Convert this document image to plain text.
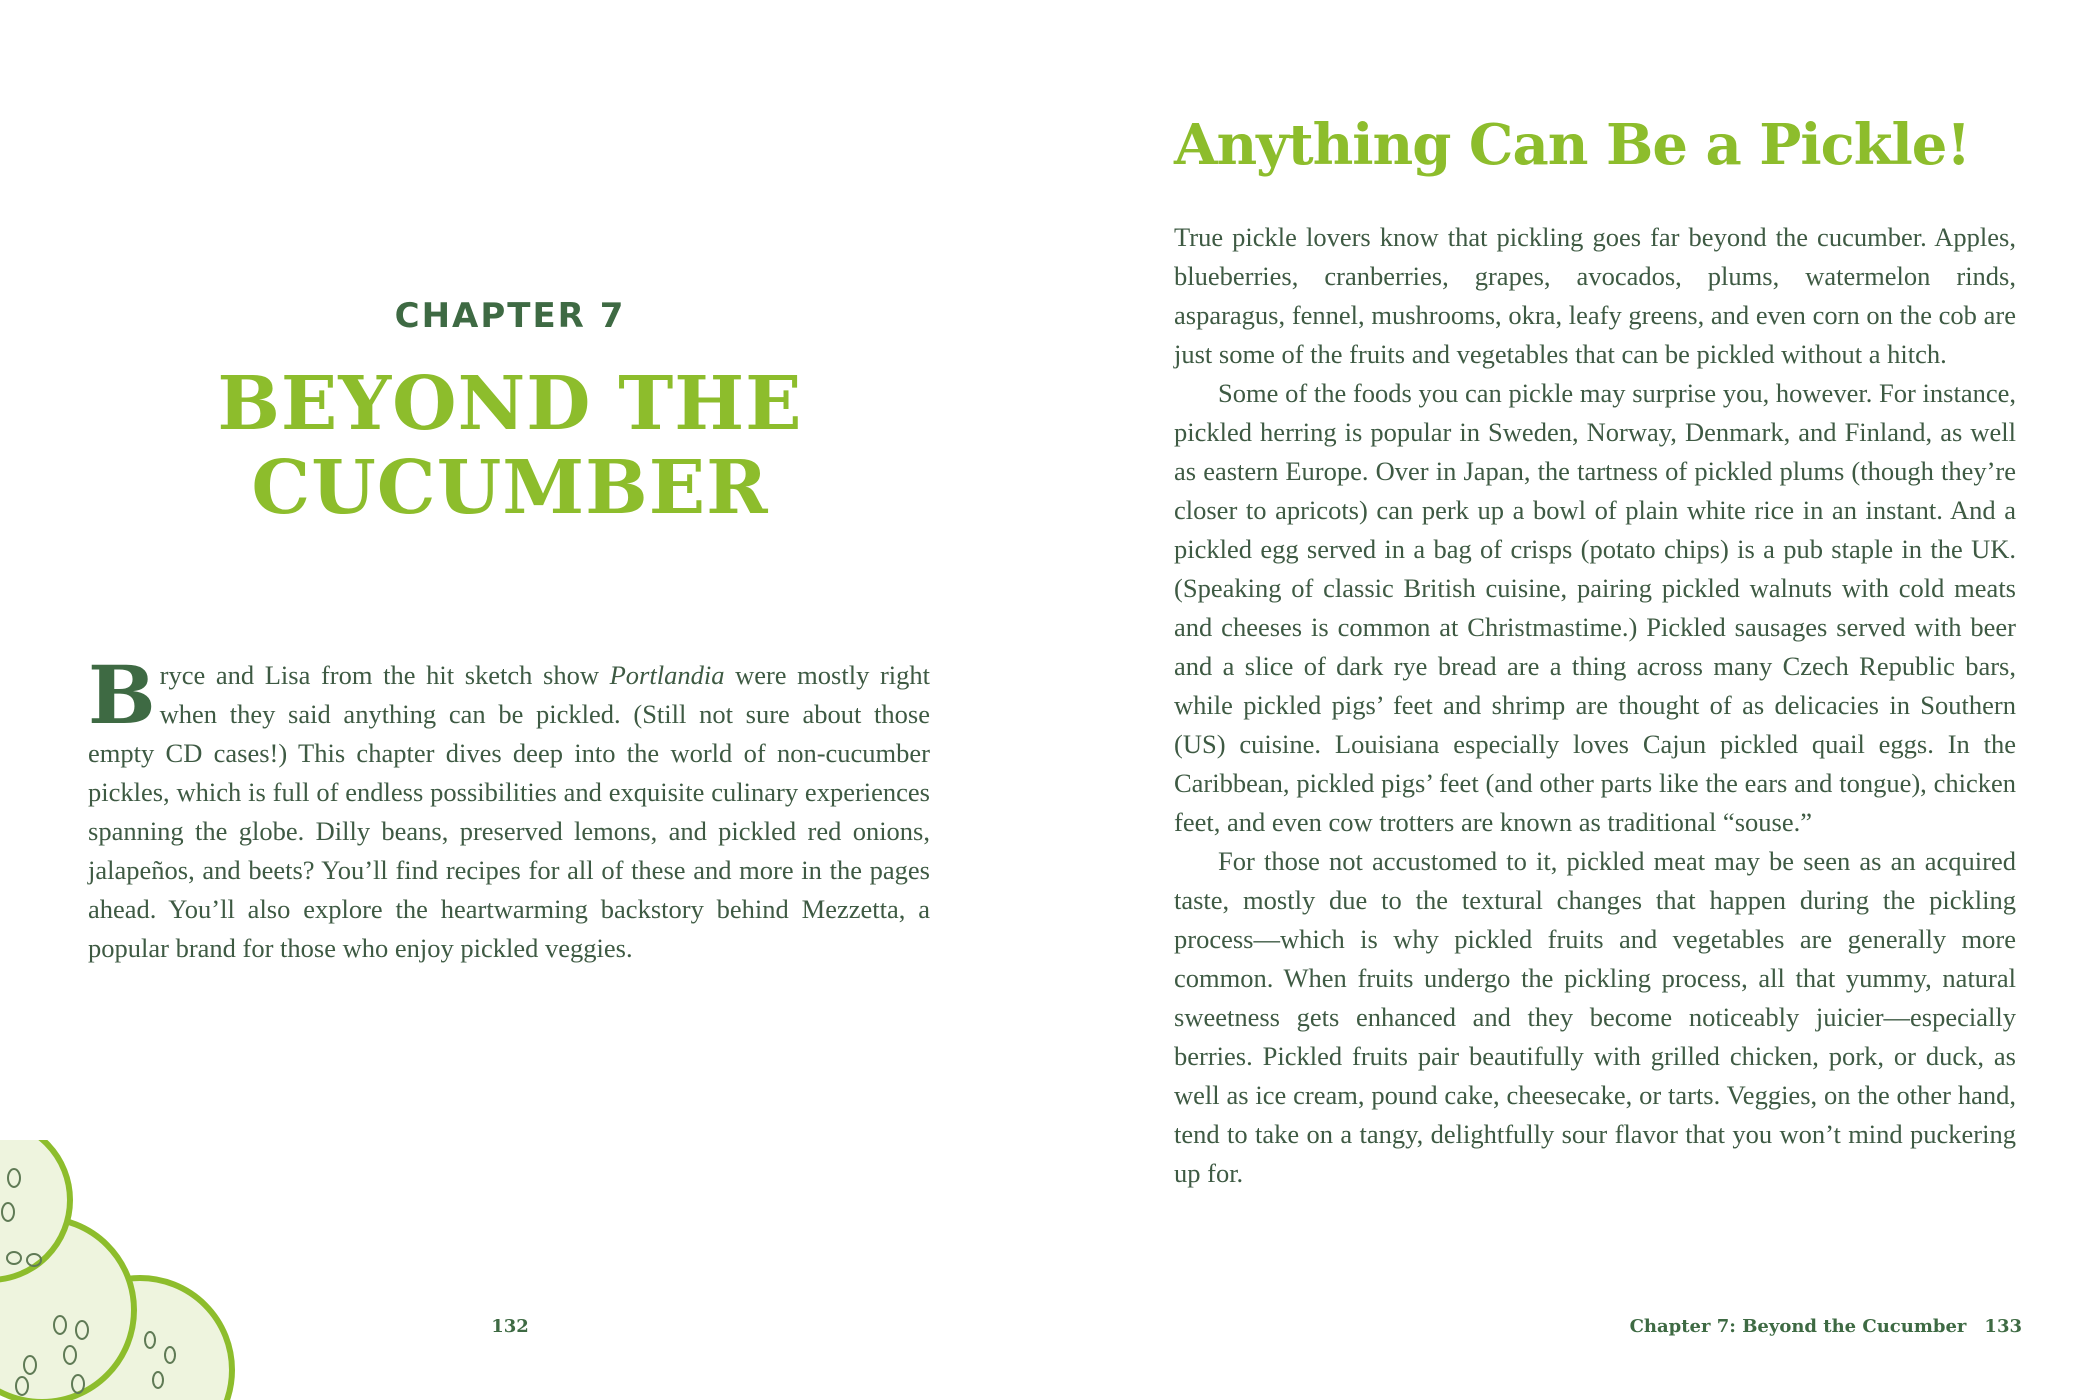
CHAPTER 7
BEYOND THE
CUCUMBER
Bryce and Lisa from the hit sketch show Portlandia were mostly right when they said anything can be pickled. (Still not sure about those empty CD cases!) This chapter dives deep into the world of non-cucumber pickles, which is full of endless possibilities and exquisite culinary experiences spanning the globe. Dilly beans, preserved lemons, and pickled red onions, jalapeños, and beets? You’ll find recipes for all of these and more in the pages ahead. You’ll also explore the heartwarming backstory behind Mezzetta, a popular brand for those who enjoy pickled veggies.
132
Anything Can Be a Pickle!

True pickle lovers know that pickling goes far beyond the cucumber. Apples, blueberries, cranberries, grapes, avocados, plums, watermelon rinds, asparagus, fennel, mushrooms, okra, leafy greens, and even corn on the cob are just some of the fruits and vegetables that can be pickled without a hitch.

Some of the foods you can pickle may surprise you, however. For instance, pickled herring is popular in Sweden, Norway, Denmark, and Finland, as well as eastern Europe. Over in Japan, the tartness of pickled plums (though they’re closer to apricots) can perk up a bowl of plain white rice in an instant. And a pickled egg served in a bag of crisps (potato chips) is a pub staple in the UK. (Speaking of classic British cuisine, pairing pickled walnuts with cold meats and cheeses is common at Christmastime.) Pickled sausages served with beer and a slice of dark rye bread are a thing across many Czech Republic bars, while pickled pigs’ feet and shrimp are thought of as delicacies in Southern (US) cuisine. Louisiana especially loves Cajun pickled quail eggs. In the Caribbean, pickled pigs’ feet (and other parts like the ears and tongue), chicken feet, and even cow trotters are known as traditional “souse.”

For those not accustomed to it, pickled meat may be seen as an acquired taste, mostly due to the textural changes that happen during the pickling process—which is why pickled fruits and vegetables are generally more common. When fruits undergo the pickling process, all that yummy, natural sweetness gets enhanced and they become noticeably juicier—especially berries. Pickled fruits pair beautifully with grilled chicken, pork, or duck, as well as ice cream, pound cake, cheesecake, or tarts. Veggies, on the other hand, tend to take on a tangy, delightfully sour flavor that you won’t mind puckering up for.

Chapter 7: Beyond the Cucumber 133
